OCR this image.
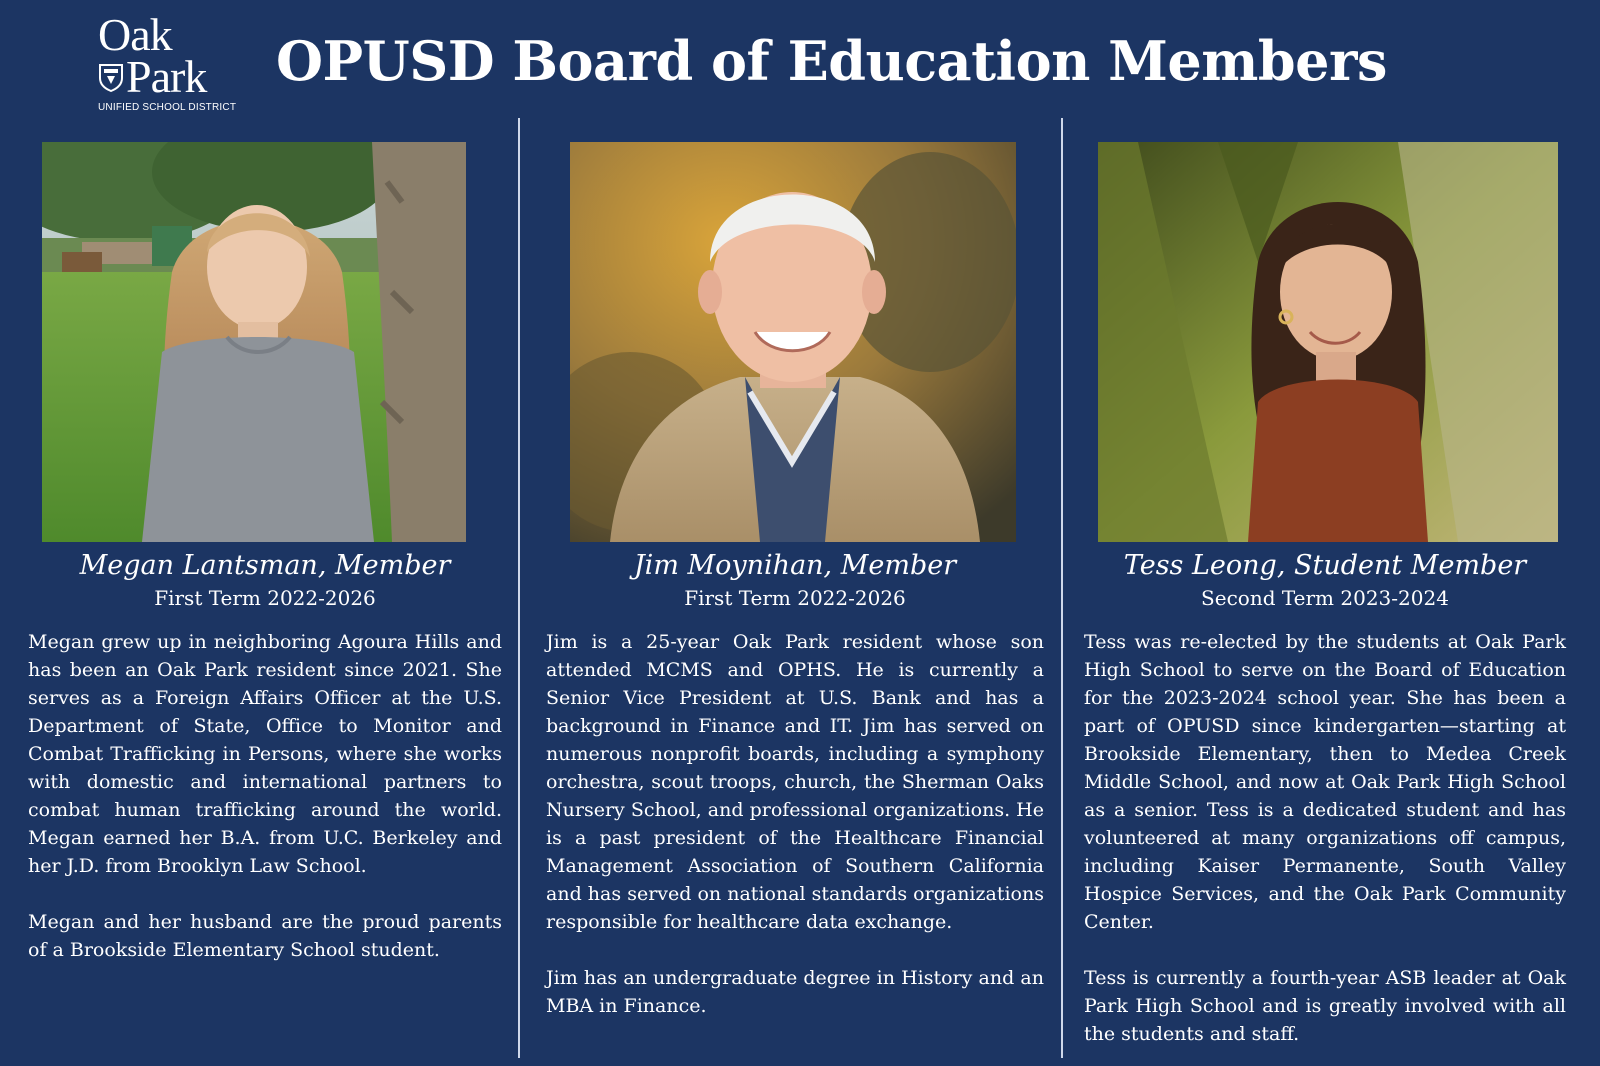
Oak
Park
UNIFIED SCHOOL DISTRICT
OPUSD Board of Education Members
Megan Lantsman, Member
First Term 2022-2026

Megan grew up in neighboring Agoura Hills and has been an Oak Park resident since 2021. She serves as a Foreign Affairs Officer at the U.S. Department of State, Office to Monitor and Combat Trafficking in Persons, where she works with domestic and international partners to combat human trafficking around the world. Megan earned her B.A. from U.C. Berkeley and her J.D. from Brooklyn Law School.

Megan and her husband are the proud parents of a Brookside Elementary School student.

Jim Moynihan, Member
First Term 2022-2026

Jim is a 25-year Oak Park resident whose son attended MCMS and OPHS. He is currently a Senior Vice President at U.S. Bank and has a background in Finance and IT. Jim has served on numerous nonprofit boards, including a symphony orchestra, scout troops, church, the Sherman Oaks Nursery School, and professional organizations. He is a past president of the Healthcare Financial Management Association of Southern California and has served on national standards organizations responsible for healthcare data exchange.

Jim has an undergraduate degree in History and an MBA in Finance.

Tess Leong, Student Member
Second Term 2023-2024

Tess was re-elected by the students at Oak Park High School to serve on the Board of Education for the 2023-2024 school year. She has been a part of OPUSD since kindergarten—starting at Brookside Elementary, then to Medea Creek Middle School, and now at Oak Park High School as a senior. Tess is a dedicated student and has volunteered at many organizations off campus, including Kaiser Permanente, South Valley Hospice Services, and the Oak Park Community Center.

Tess is currently a fourth-year ASB leader at Oak Park High School and is greatly involved with all the students and staff.
